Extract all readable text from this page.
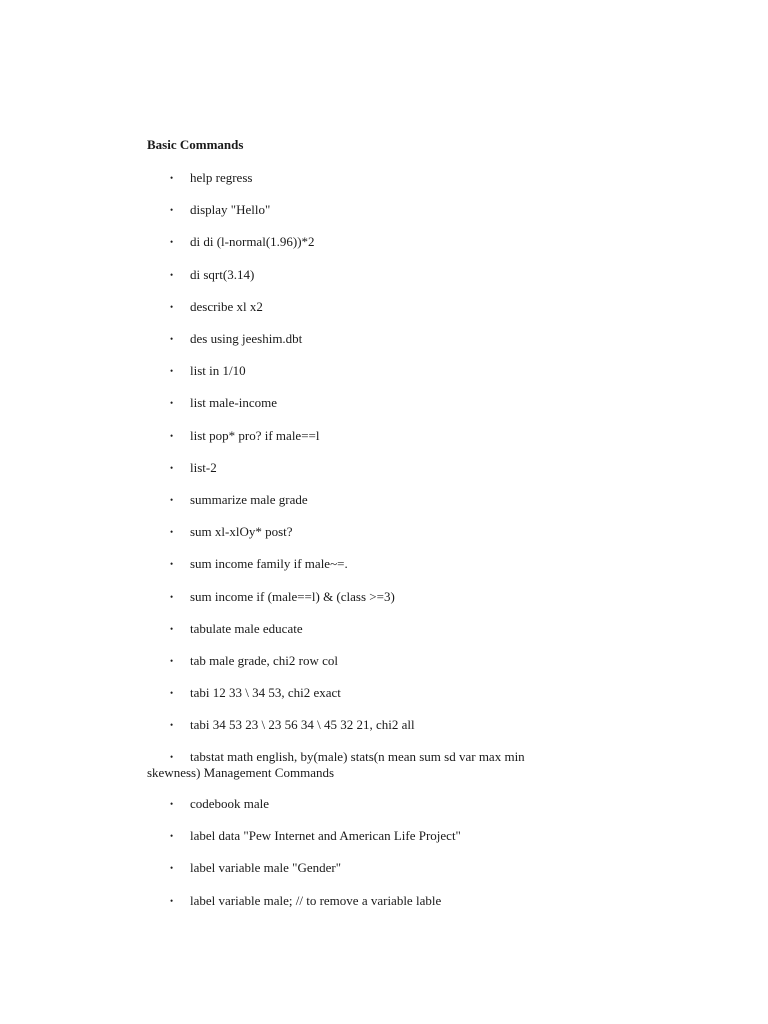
Basic Commands
• help regress
• display "Hello"
• di di (l-normal(1.96))*2
• di sqrt(3.14)
• describe xl x2
• des using jeeshim.dbt
• list in 1/10
• list male-income
• list pop* pro? if male==l
• list-2
• summarize male grade
• sum xl-xlOy* post?
• sum income family if male~=.
• sum income if (male==l) & (class >=3)
• tabulate male educate
• tab male grade, chi2 row col
• tabi 12 33 \ 34 53, chi2 exact
• tabi 34 53 23 \ 23 56 34 \ 45 32 21, chi2 all
• tabstat math english, by(male) stats(n mean sum sd var max min
skewness) Management Commands
• codebook male
• label data "Pew Internet and American Life Project"
• label variable male "Gender"
• label variable male; // to remove a variable lable
